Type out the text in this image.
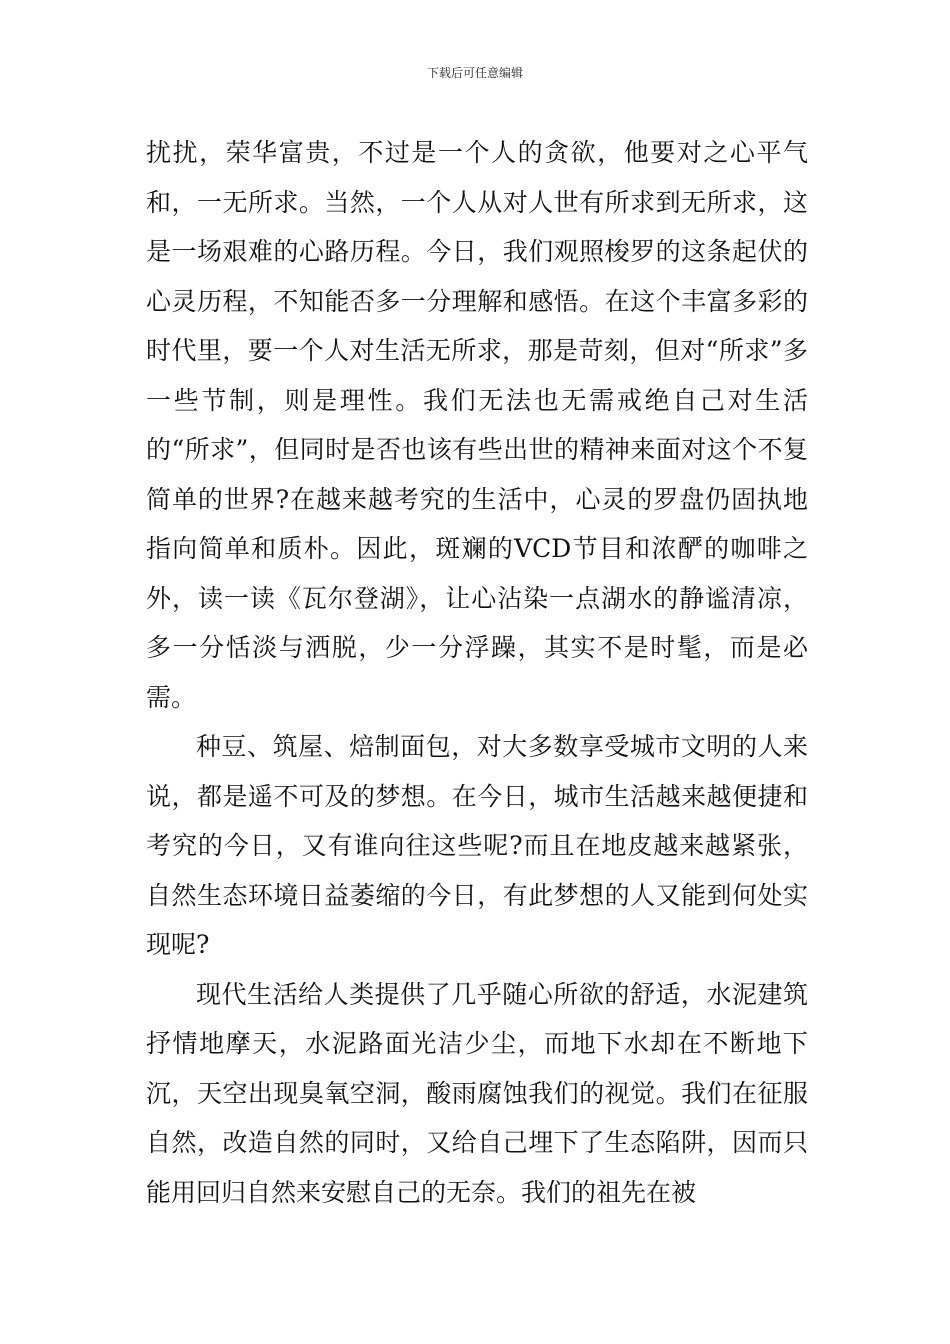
下载后可任意编辑

扰扰，荣华富贵，不过是一个人的贪欲，他要对之心平气和，一无所求。当然，一个人从对人世有所求到无所求，这是一场艰难的心路历程。今日，我们观照梭罗的这条起伏的心灵历程，不知能否多一分理解和感悟。在这个丰富多彩的时代里，要一个人对生活无所求，那是苛刻，但对“所求”多一些节制，则是理性。我们无法也无需戒绝自己对生活的“所求”，但同时是否也该有些出世的精神来面对这个不复简单的世界?在越来越考究的生活中，心灵的罗盘仍固执地指向简单和质朴。因此，斑斓的VCD节目和浓酽的咖啡之外，读一读《瓦尔登湖》，让心沾染一点湖水的静谧清凉，多一分恬淡与洒脱，少一分浮躁，其实不是时髦，而是必需。

种豆、筑屋、焙制面包，对大多数享受城市文明的人来说，都是遥不可及的梦想。在今日，城市生活越来越便捷和考究的今日，又有谁向往这些呢?而且在地皮越来越紧张，自然生态环境日益萎缩的今日，有此梦想的人又能到何处实现呢?

现代生活给人类提供了几乎随心所欲的舒适，水泥建筑抒情地摩天，水泥路面光洁少尘，而地下水却在不断地下沉，天空出现臭氧空洞，酸雨腐蚀我们的视觉。我们在征服自然，改造自然的同时，又给自己埋下了生态陷阱，因而只能用回归自然来安慰自己的无奈。我们的祖先在被
